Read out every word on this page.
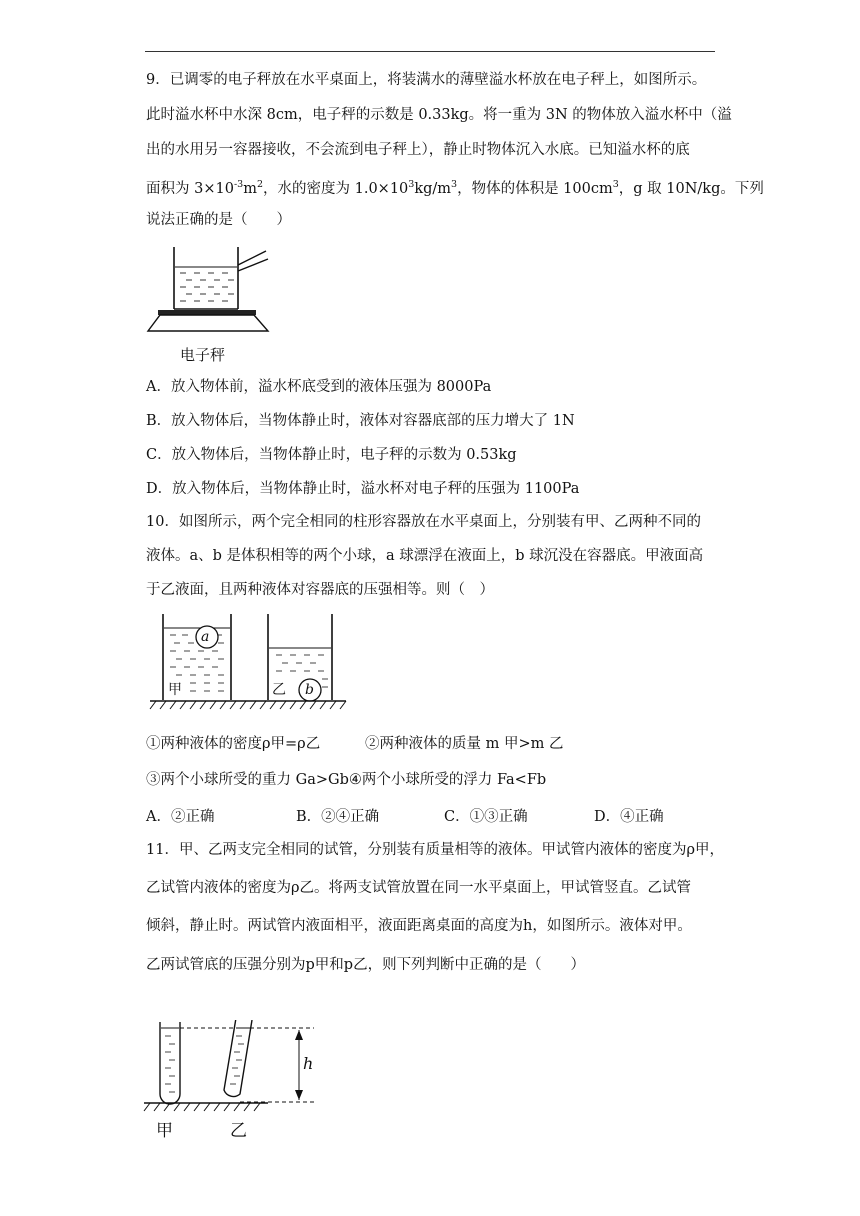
9．已调零的电子秤放在水平桌面上，将装满水的薄壁溢水杯放在电子秤上，如图所示。
此时溢水杯中水深 8cm，电子秤的示数是 0.33kg。将一重为 3N 的物体放入溢水杯中（溢
出的水用另一容器接收，不会流到电子秤上），静止时物体沉入水底。已知溢水杯的底
面积为 $3\times 10^{-3}m^2$，水的密度为 $1.0\times 10^3kg/m^3$，物体的体积是 $100cm^3$，g 取 10N/kg。下列
说法正确的是（　　）
电子秤
A．放入物体前，溢水杯底受到的液体压强为 8000Pa
B．放入物体后，当物体静止时，液体对容器底部的压力增大了 1N
C．放入物体后，当物体静止时，电子秤的示数为 0.53kg
D．放入物体后，当物体静止时，溢水杯对电子秤的压强为 1100Pa
10．如图所示，两个完全相同的柱形容器放在水平桌面上，分别装有甲、乙两种不同的
液体。a、b 是体积相等的两个小球，a 球漂浮在液面上，b 球沉没在容器底。甲液面高
于乙液面，且两种液体对容器底的压强相等。则（　）
a
b
甲	乙
①两种液体的密度ρ甲=ρ乙	②两种液体的质量 m 甲>m 乙
③两个小球所受的重力 Ga>Gb④两个小球所受的浮力 Fa<Fb
A．②正确	B．②④正确	C．①③正确	D．④正确
11．甲、乙两支完全相同的试管，分别装有质量相等的液体。甲试管内液体的密度为ρ甲，
乙试管内液体的密度为ρ乙。将两支试管放置在同一水平桌面上，甲试管竖直。乙试管
倾斜，静止时。两试管内液面相平，液面距离桌面的高度为h，如图所示。液体对甲。
乙两试管底的压强分别为p甲和p乙，则下列判断中正确的是（　　）
h
甲	乙
